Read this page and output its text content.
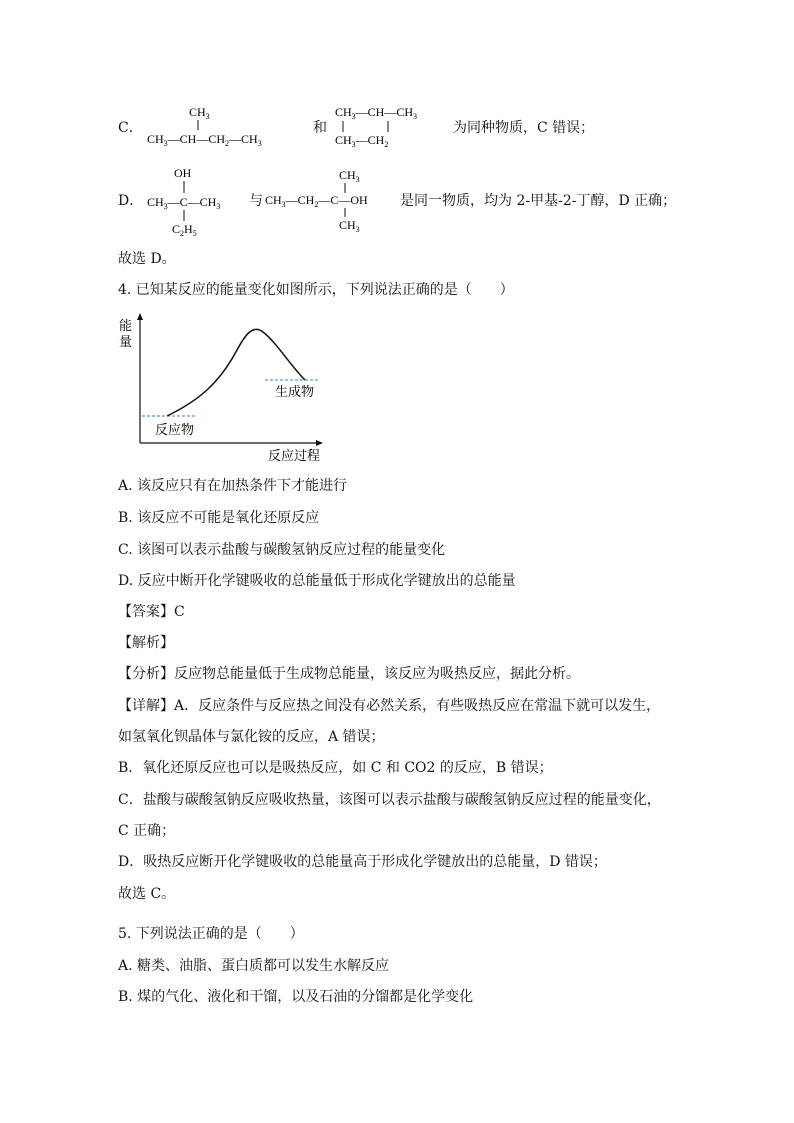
C．
$CH_3$
$CH_3—CH—CH_2—CH_3$
和
$CH_3—CH—CH_3$
$CH_3—CH_2$
为同种物质，C 错误；
D．
OH
$CH_3—C—CH_3$
$C_2H_5$
与
$CH_3$
$CH_3—CH_2—C—OH$
$CH_3$
是同一物质，均为 2-甲基-2-丁醇，D 正确；
故选 D。
4. 已知某反应的能量变化如图所示，下列说法正确的是（　　）
能
量
反应过程
反应物
生成物
A. 该反应只有在加热条件下才能进行
B. 该反应不可能是氧化还原反应
C. 该图可以表示盐酸与碳酸氢钠反应过程的能量变化
D. 反应中断开化学键吸收的总能量低于形成化学键放出的总能量
【答案】C
【解析】
【分析】反应物总能量低于生成物总能量，该反应为吸热反应，据此分析。
【详解】A．反应条件与反应热之间没有必然关系，有些吸热反应在常温下就可以发生，
如氢氧化钡晶体与氯化铵的反应，A 错误；
B．氧化还原反应也可以是吸热反应，如 C 和 CO2 的反应，B 错误；
C．盐酸与碳酸氢钠反应吸收热量，该图可以表示盐酸与碳酸氢钠反应过程的能量变化，
C 正确；
D．吸热反应断开化学键吸收的总能量高于形成化学键放出的总能量，D 错误；
故选 C。
5. 下列说法正确的是（　　）
A. 糖类、油脂、蛋白质都可以发生水解反应
B. 煤的气化、液化和干馏，以及石油的分馏都是化学变化
